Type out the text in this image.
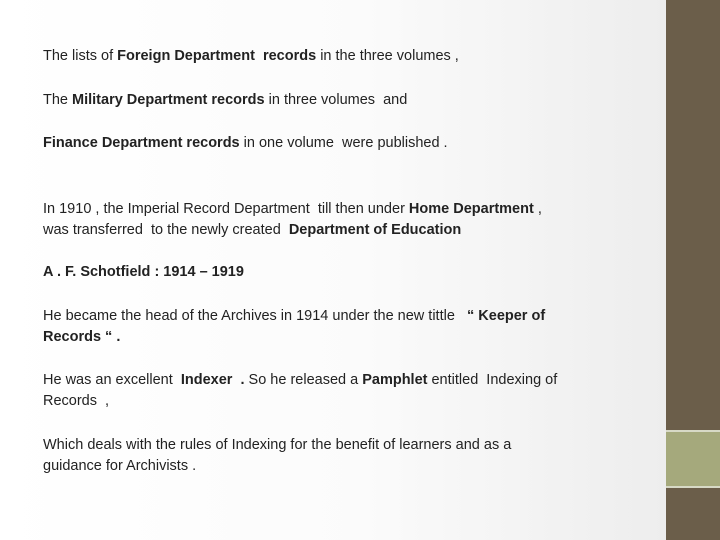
The lists of Foreign Department records in the three volumes ,

The Military Department records in three volumes  and

Finance Department records in one volume  were published .

In 1910 , the Imperial Record Department  till then under Home Department ,
was transferred  to the newly created  Department of Education

A . F. Schotfield : 1914 – 1919

He became the head of the Archives in 1914 under the new tittle   “ Keeper of
Records “ .

He was an excellent  Indexer  . So he released a Pamphlet entitled  Indexing of
Records  ,

Which deals with the rules of Indexing for the benefit of learners and as a
guidance for Archivists .
